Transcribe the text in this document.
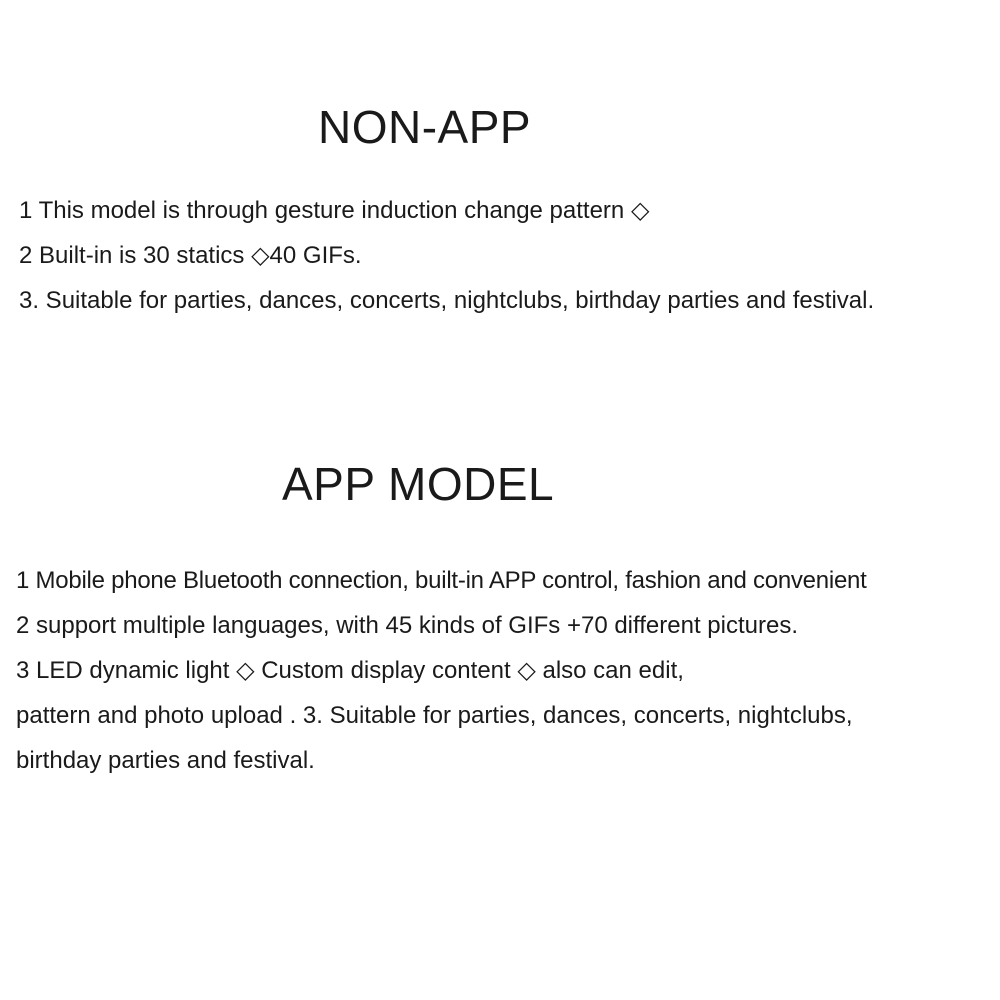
NON-APP
1 This model is through gesture induction change pattern ◇
2 Built-in is 30 statics ◇40 GIFs.
3. Suitable for parties, dances, concerts, nightclubs, birthday parties and festival.
APP MODEL
1 Mobile phone Bluetooth connection, built-in APP control, fashion and convenient
2 support multiple languages, with 45 kinds of GIFs +70 different pictures.
3 LED dynamic light ◇ Custom display content ◇ also can edit,
pattern and photo upload . 3. Suitable for parties, dances, concerts, nightclubs,
birthday parties and festival.
